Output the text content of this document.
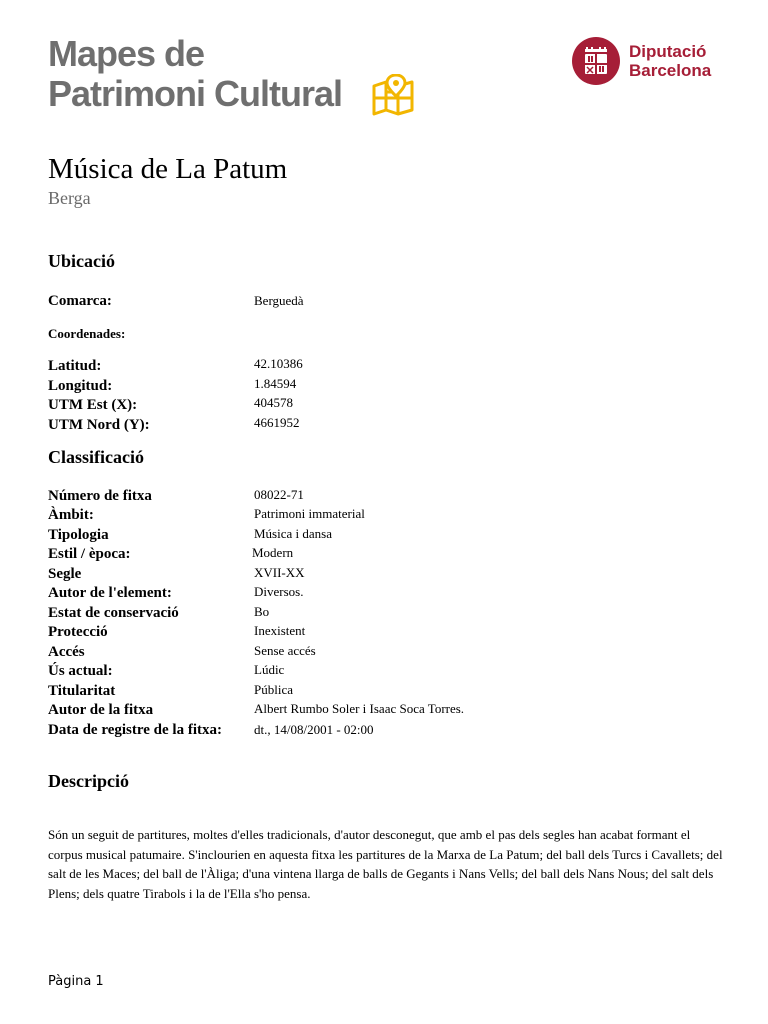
Mapes de
Patrimoni Cultural
Diputació
Barcelona
Música de La Patum
Berga
Ubicació
Comarca:	Berguedà
Coordenades:
Latitud:	42.10386
Longitud:	1.84594
UTM Est (X):	404578
UTM Nord (Y):	4661952
Classificació
Número de fitxa	08022-71
Àmbit:	Patrimoni immaterial
Tipologia	Música i dansa
Estil / època:	Modern
Segle	XVII-XX
Autor de l'element:	Diversos.
Estat de conservació	Bo
Protecció	Inexistent
Accés	Sense accés
Ús actual:	Lúdic
Titularitat	Pública
Autor de la fitxa	Albert Rumbo Soler i Isaac Soca Torres.
Data de registre de la fitxa:	dt., 14/08/2001 - 02:00
Descripció

Són un seguit de partitures, moltes d'elles tradicionals, d'autor desconegut, que amb el pas dels segles han acabat formant el corpus musical patumaire. S'inclourien en aquesta fitxa les partitures de la Marxa de La Patum; del ball dels Turcs i Cavallets; del salt de les Maces; del ball de l'Àliga; d'una vintena llarga de balls de Gegants i Nans Vells; del ball dels Nans Nous; del salt dels Plens; dels quatre Tirabols i la de l'Ella s'ho pensa.

Pàgina 1
